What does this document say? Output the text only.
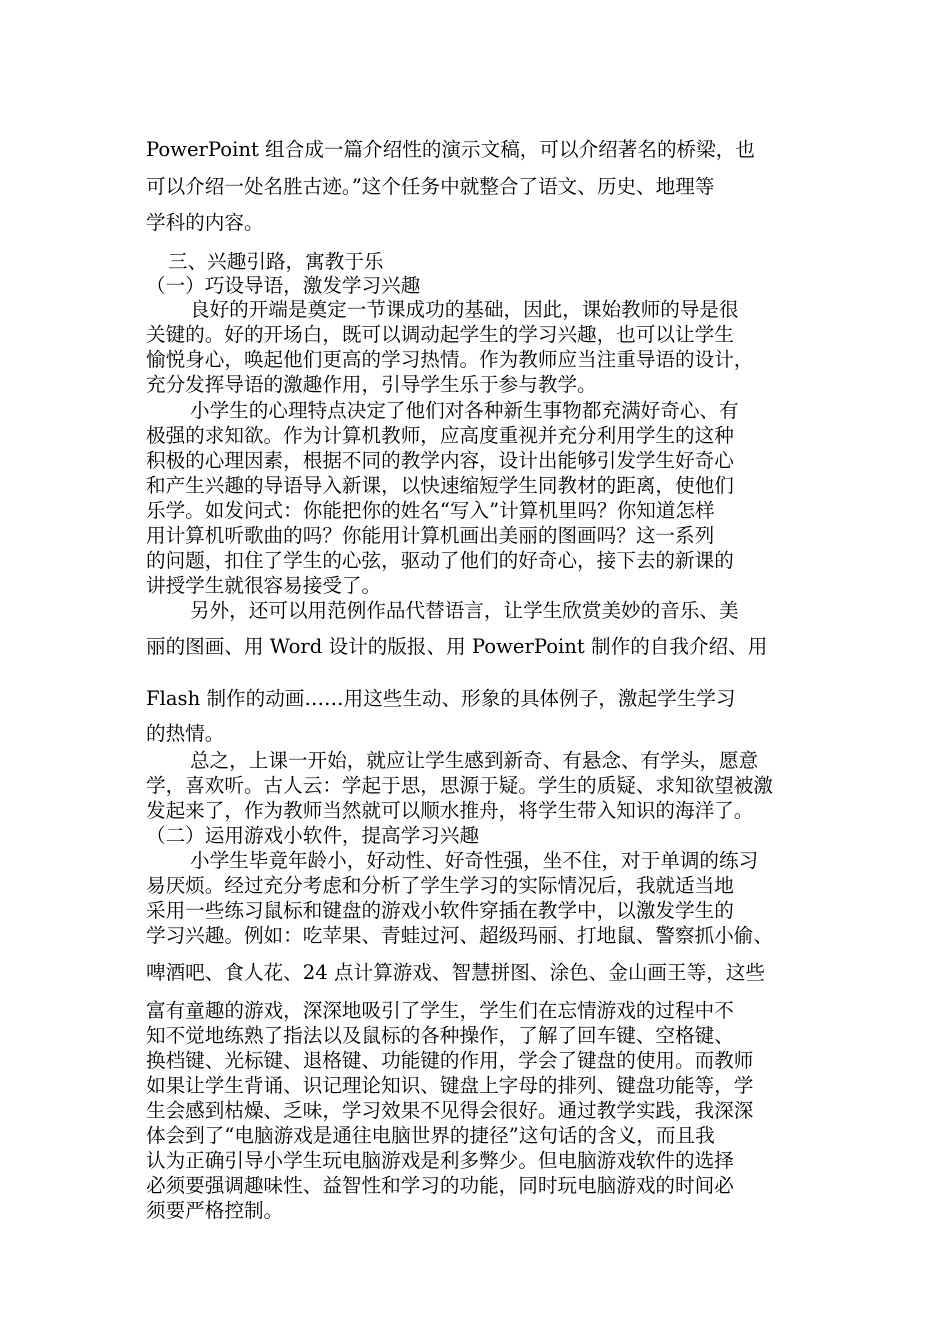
PowerPoint 组合成一篇介绍性的演示文稿，可以介绍著名的桥梁，也
可以介绍一处名胜古迹。”这个任务中就整合了语文、历史、地理等
学科的内容。
三、兴趣引路，寓教于乐
（一）巧设导语，激发学习兴趣
良好的开端是奠定一节课成功的基础，因此，课始教师的导是很
关键的。好的开场白，既可以调动起学生的学习兴趣，也可以让学生
愉悦身心，唤起他们更高的学习热情。作为教师应当注重导语的设计，
充分发挥导语的激趣作用，引导学生乐于参与教学。
小学生的心理特点决定了他们对各种新生事物都充满好奇心、有
极强的求知欲。作为计算机教师，应高度重视并充分利用学生的这种
积极的心理因素，根据不同的教学内容，设计出能够引发学生好奇心
和产生兴趣的导语导入新课，以快速缩短学生同教材的距离，使他们
乐学。如发问式：你能把你的姓名“写入”计算机里吗？你知道怎样
用计算机听歌曲的吗？你能用计算机画出美丽的图画吗？这一系列
的问题，扣住了学生的心弦，驱动了他们的好奇心，接下去的新课的
讲授学生就很容易接受了。
另外，还可以用范例作品代替语言，让学生欣赏美妙的音乐、美
丽的图画、用 Word 设计的版报、用 PowerPoint 制作的自我介绍、用
Flash 制作的动画……用这些生动、形象的具体例子，激起学生学习
的热情。
总之，上课一开始，就应让学生感到新奇、有悬念、有学头，愿意
学，喜欢听。古人云：学起于思，思源于疑。学生的质疑、求知欲望被激
发起来了，作为教师当然就可以顺水推舟，将学生带入知识的海洋了。
（二）运用游戏小软件，提高学习兴趣
小学生毕竟年龄小，好动性、好奇性强，坐不住，对于单调的练习
易厌烦。经过充分考虑和分析了学生学习的实际情况后，我就适当地
采用一些练习鼠标和键盘的游戏小软件穿插在教学中，以激发学生的
学习兴趣。例如：吃苹果、青蛙过河、超级玛丽、打地鼠、警察抓小偷、
啤酒吧、食人花、24 点计算游戏、智慧拼图、涂色、金山画王等，这些
富有童趣的游戏，深深地吸引了学生，学生们在忘情游戏的过程中不
知不觉地练熟了指法以及鼠标的各种操作，了解了回车键、空格键、
换档键、光标键、退格键、功能键的作用，学会了键盘的使用。而教师
如果让学生背诵、识记理论知识、键盘上字母的排列、键盘功能等，学
生会感到枯燥、乏味，学习效果不见得会很好。通过教学实践，我深深
体会到了“电脑游戏是通往电脑世界的捷径”这句话的含义，而且我
认为正确引导小学生玩电脑游戏是利多弊少。但电脑游戏软件的选择
必须要强调趣味性、益智性和学习的功能，同时玩电脑游戏的时间必
须要严格控制。
